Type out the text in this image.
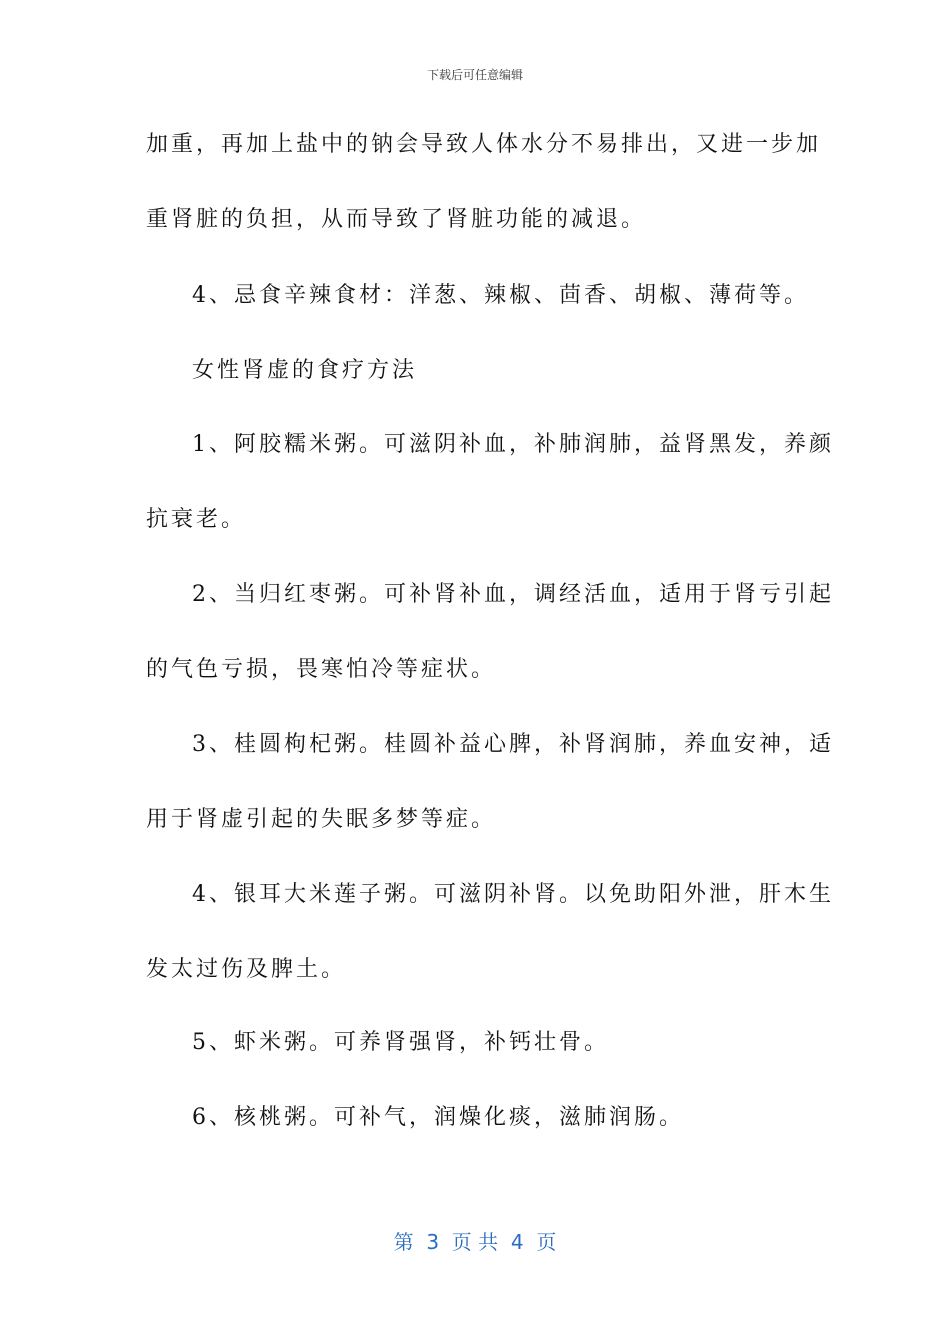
下载后可任意编辑
加重，再加上盐中的钠会导致人体水分不易排出，又进一步加
重肾脏的负担，从而导致了肾脏功能的减退。
4、忌食辛辣食材：洋葱、辣椒、茴香、胡椒、薄荷等。
女性肾虚的食疗方法
1、阿胶糯米粥。可滋阴补血，补肺润肺，益肾黑发，养颜
抗衰老。
2、当归红枣粥。可补肾补血，调经活血，适用于肾亏引起
的气色亏损，畏寒怕冷等症状。
3、桂圆枸杞粥。桂圆补益心脾，补肾润肺，养血安神，适
用于肾虚引起的失眠多梦等症。
4、银耳大米莲子粥。可滋阴补肾。以免助阳外泄，肝木生
发太过伤及脾土。
5、虾米粥。可养肾强肾，补钙壮骨。
6、核桃粥。可补气，润燥化痰，滋肺润肠。
第  3  页 共  4  页
